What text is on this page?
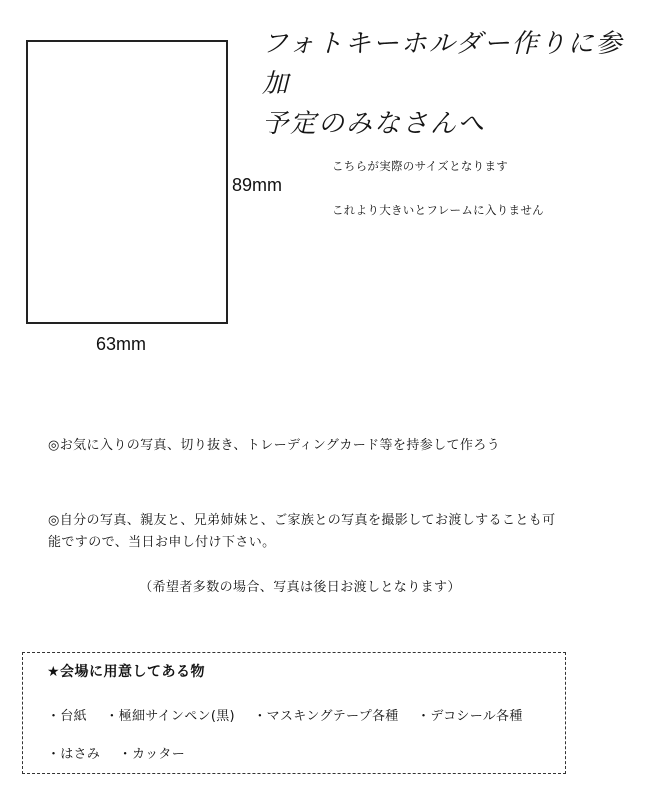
フォトキーホルダー作りに参加
予定のみなさんへ
89mm
63mm
こちらが実際のサイズとなります
これより大きいとフレームに入りません
◎お気に入りの写真、切り抜き、トレーディングカード等を持参して作ろう
◎自分の写真、親友と、兄弟姉妹と、ご家族との写真を撮影してお渡しすることも可
能ですので、当日お申し付け下さい。
（希望者多数の場合、写真は後日お渡しとなります）
★会場に用意してある物
・台紙 ・極細サインペン(黒) ・マスキングテープ各種 ・デコシール各種
・はさみ ・カッター
